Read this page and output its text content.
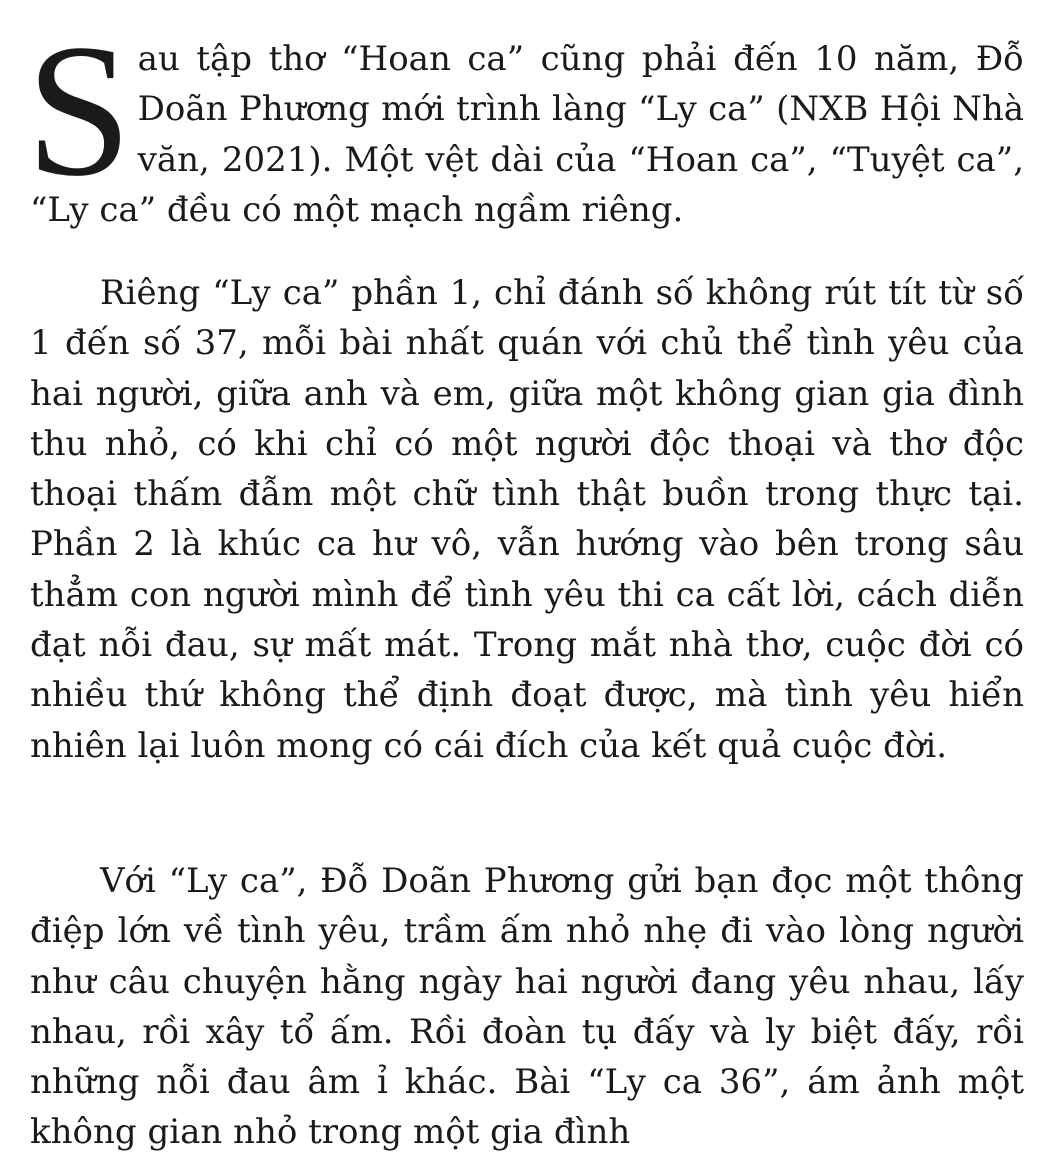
Sau tập thơ “Hoan ca” cũng phải đến 10 năm, Đỗ Doãn Phương mới trình làng “Ly ca” (NXB Hội Nhà văn, 2021). Một vệt dài của “Hoan ca”, “Tuyệt ca”, “Ly ca” đều có một mạch ngầm riêng.

Riêng “Ly ca” phần 1, chỉ đánh số không rút tít từ số 1 đến số 37, mỗi bài nhất quán với chủ thể tình yêu của hai người, giữa anh và em, giữa một không gian gia đình thu nhỏ, có khi chỉ có một người độc thoại và thơ độc thoại thấm đẫm một chữ tình thật buồn trong thực tại. Phần 2 là khúc ca hư vô, vẫn hướng vào bên trong sâu thẳm con người mình để tình yêu thi ca cất lời, cách diễn đạt nỗi đau, sự mất mát. Trong mắt nhà thơ, cuộc đời có nhiều thứ không thể định đoạt được, mà tình yêu hiển nhiên lại luôn mong có cái đích của kết quả cuộc đời.

Với “Ly ca”, Đỗ Doãn Phương gửi bạn đọc một thông điệp lớn về tình yêu, trầm ấm nhỏ nhẹ đi vào lòng người như câu chuyện hằng ngày hai người đang yêu nhau, lấy nhau, rồi xây tổ ấm. Rồi đoàn tụ đấy và ly biệt đấy, rồi những nỗi đau âm ỉ khác. Bài “Ly ca 36”, ám ảnh một không gian nhỏ trong một gia đình
